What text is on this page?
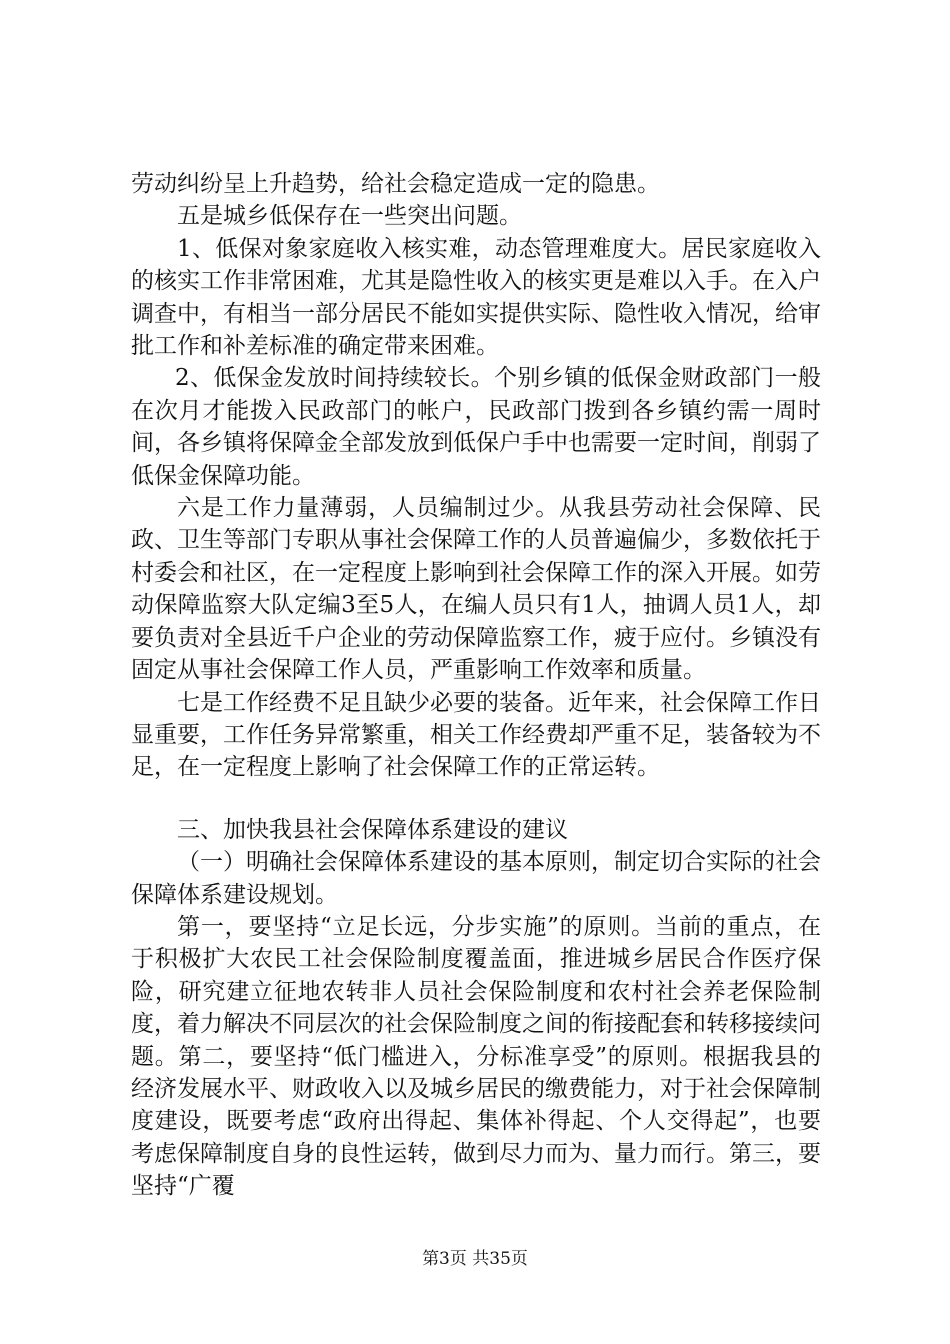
劳动纠纷呈上升趋势，给社会稳定造成一定的隐患。

五是城乡低保存在一些突出问题。

1、低保对象家庭收入核实难，动态管理难度大。居民家庭收入的核实工作非常困难，尤其是隐性收入的核实更是难以入手。在入户调查中，有相当一部分居民不能如实提供实际、隐性收入情况，给审批工作和补差标准的确定带来困难。

2、低保金发放时间持续较长。个别乡镇的低保金财政部门一般在次月才能拨入民政部门的帐户，民政部门拨到各乡镇约需一周时间，各乡镇将保障金全部发放到低保户手中也需要一定时间，削弱了低保金保障功能。

六是工作力量薄弱，人员编制过少。从我县劳动社会保障、民政、卫生等部门专职从事社会保障工作的人员普遍偏少，多数依托于村委会和社区，在一定程度上影响到社会保障工作的深入开展。如劳动保障监察大队定编3至5人，在编人员只有1人，抽调人员1人，却要负责对全县近千户企业的劳动保障监察工作，疲于应付。乡镇没有固定从事社会保障工作人员，严重影响工作效率和质量。

七是工作经费不足且缺少必要的装备。近年来，社会保障工作日显重要，工作任务异常繁重，相关工作经费却严重不足，装备较为不足，在一定程度上影响了社会保障工作的正常运转。

三、加快我县社会保障体系建设的建议

（一）明确社会保障体系建设的基本原则，制定切合实际的社会保障体系建设规划。

第一，要坚持“立足长远，分步实施”的原则。当前的重点，在于积极扩大农民工社会保险制度覆盖面，推进城乡居民合作医疗保险，研究建立征地农转非人员社会保险制度和农村社会养老保险制度，着力解决不同层次的社会保险制度之间的衔接配套和转移接续问题。第二，要坚持“低门槛进入，分标准享受”的原则。根据我县的经济发展水平、财政收入以及城乡居民的缴费能力，对于社会保障制度建设，既要考虑“政府出得起、集体补得起、个人交得起”，也要考虑保障制度自身的良性运转，做到尽力而为、量力而行。第三，要坚持“广覆

第3页 共35页
